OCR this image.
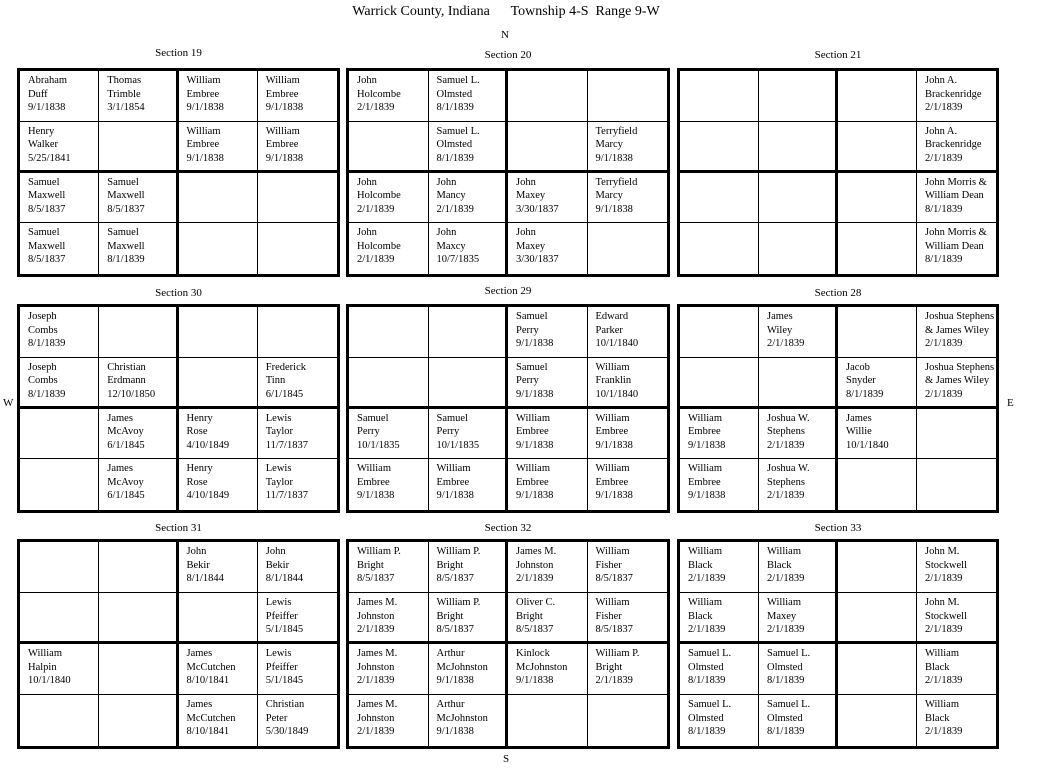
Warrick County, Indiana      Township 4-S  Range 9-W
N
S
E
W
Section 19
Abraham
Duff
9/1/1838
Thomas
Trimble
3/1/1854
William
Embree
9/1/1838
William
Embree
9/1/1838
Henry
Walker
5/25/1841
William
Embree
9/1/1838
William
Embree
9/1/1838
Samuel
Maxwell
8/5/1837
Samuel
Maxwell
8/5/1837
Samuel
Maxwell
8/5/1837
Samuel
Maxwell
8/1/1839
Section 20
John
Holcombe
2/1/1839
Samuel L.
Olmsted
8/1/1839
Samuel L.
Olmsted
8/1/1839
Terryfield
Marcy
9/1/1838
John
Holcombe
2/1/1839
John
Mancy
2/1/1839
John
Maxey
3/30/1837
Terryfield
Marcy
9/1/1838
John
Holcombe
2/1/1839
John
Maxcy
10/7/1835
John
Maxey
3/30/1837
Section 21
John A.
Brackenridge
2/1/1839
John A.
Brackenridge
2/1/1839
John Morris &
William Dean
8/1/1839
John Morris &
William Dean
8/1/1839
Section 30
Joseph
Combs
8/1/1839
Joseph
Combs
8/1/1839
Christian
Erdmann
12/10/1850
Frederick
Tinn
6/1/1845
James
McAvoy
6/1/1845
Henry
Rose
4/10/1849
Lewis
Taylor
11/7/1837
James
McAvoy
6/1/1845
Henry
Rose
4/10/1849
Lewis
Taylor
11/7/1837
Section 29
Samuel
Perry
9/1/1838
Edward
Parker
10/1/1840
Samuel
Perry
9/1/1838
William
Franklin
10/1/1840
Samuel
Perry
10/1/1835
Samuel
Perry
10/1/1835
William
Embree
9/1/1838
William
Embree
9/1/1838
William
Embree
9/1/1838
William
Embree
9/1/1838
William
Embree
9/1/1838
William
Embree
9/1/1838
Section 28
James
Wiley
2/1/1839
Joshua Stephens
& James Wiley
2/1/1839
Jacob
Snyder
8/1/1839
Joshua Stephens
& James Wiley
2/1/1839
William
Embree
9/1/1838
Joshua W.
Stephens
2/1/1839
James
Willie
10/1/1840
William
Embree
9/1/1838
Joshua W.
Stephens
2/1/1839
Section 31
John
Bekir
8/1/1844
John
Bekir
8/1/1844
Lewis
Pfeiffer
5/1/1845
William
Halpin
10/1/1840
James
McCutchen
8/10/1841
Lewis
Pfeiffer
5/1/1845
James
McCutchen
8/10/1841
Christian
Peter
5/30/1849
Section 32
William P.
Bright
8/5/1837
William P.
Bright
8/5/1837
James M.
Johnston
2/1/1839
William
Fisher
8/5/1837
James M.
Johnston
2/1/1839
William P.
Bright
8/5/1837
Oliver C.
Bright
8/5/1837
William
Fisher
8/5/1837
James M.
Johnston
2/1/1839
Arthur
McJohnston
9/1/1838
Kinlock
McJohnston
9/1/1838
William P.
Bright
2/1/1839
James M.
Johnston
2/1/1839
Arthur
McJohnston
9/1/1838
Section 33
William
Black
2/1/1839
William
Black
2/1/1839
John M.
Stockwell
2/1/1839
William
Black
2/1/1839
William
Maxey
2/1/1839
John M.
Stockwell
2/1/1839
Samuel L.
Olmsted
8/1/1839
Samuel L.
Olmsted
8/1/1839
William
Black
2/1/1839
Samuel L.
Olmsted
8/1/1839
Samuel L.
Olmsted
8/1/1839
William
Black
2/1/1839
